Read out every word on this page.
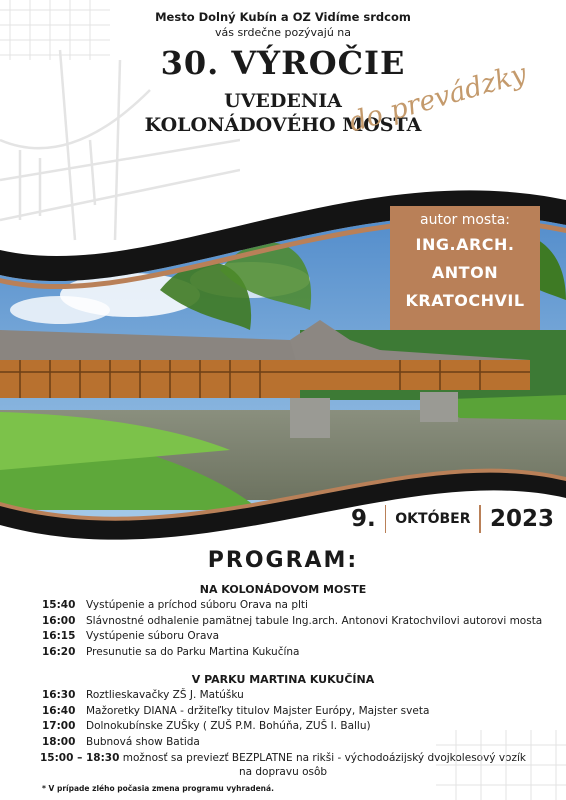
Mesto Dolný Kubín a OZ Vidíme srdcom
vás srdečne pozývajú na
30. VÝROČIE
UVEDENIA
KOLONÁDOVÉHO MOSTA
do prevádzky
autor mosta:
ING.ARCH.
ANTON
KRATOCHVIL
9. OKTÓBER 2023
PROGRAM:
NA KOLONÁDOVOM MOSTE
15:40	Vystúpenie a príchod súboru Orava na plti
16:00	Slávnostné odhalenie pamätnej tabule Ing.arch. Antonovi Kratochvilovi autorovi mosta
16:15	Vystúpenie súboru Orava
16:20	Presunutie sa do Parku Martina Kukučína
V PARKU MARTINA KUKUČÍNA
16:30	Roztlieskavačky ZŠ J. Matúšku
16:40	Mažoretky DIANA - držiteľky titulov Majster Európy, Majster sveta
17:00	Dolnokubínske ZUŠky ( ZUŠ P.M. Bohúňa, ZUŠ I. Ballu)
18:00	Bubnová show Batida
15:00 – 18:30 možnosť sa previezť BEZPLATNE na rikši - východoázijský dvojkolesový vozík
na dopravu osôb
* V prípade zlého počasia zmena programu vyhradená.
